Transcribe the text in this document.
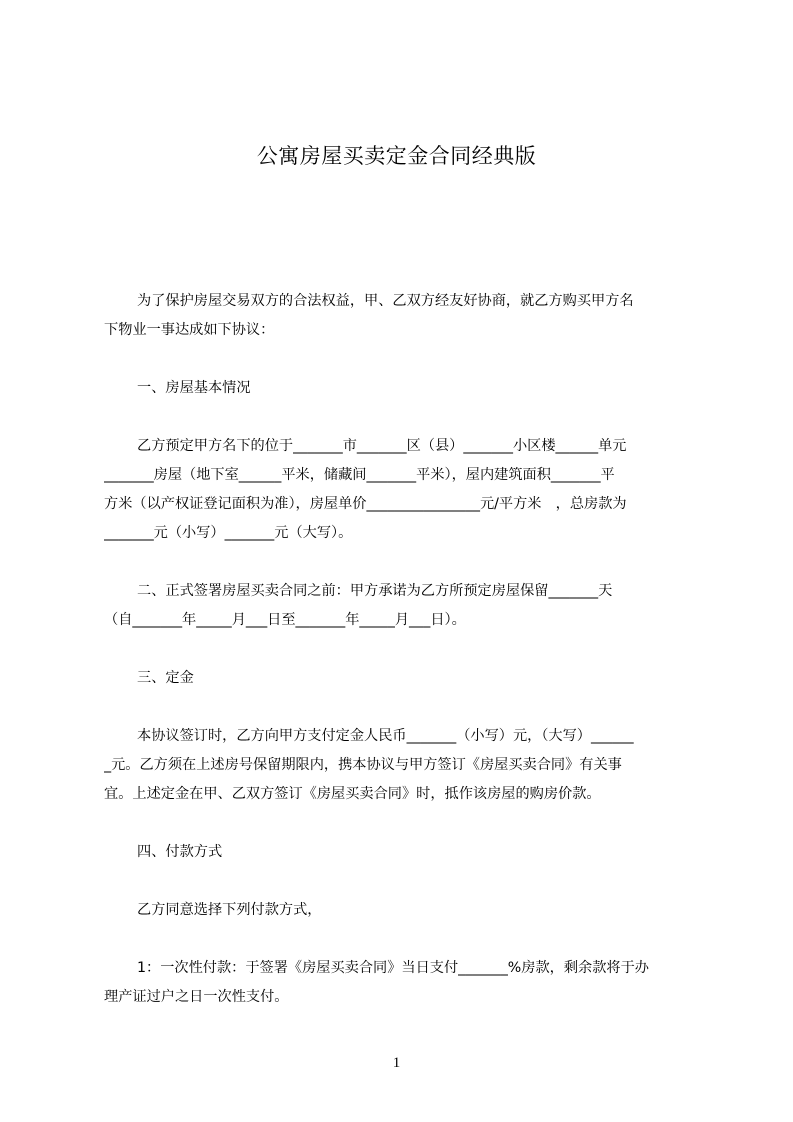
公寓房屋买卖定金合同经典版
为了保护房屋交易双方的合法权益，甲、乙双方经友好协商，就乙方购买甲方名
下物业一事达成如下协议：
一、房屋基本情况
乙方预定甲方名下的位于_______市_______区（县）_______小区楼______单元
_______房屋（地下室______平米，储藏间_______平米），屋内建筑面积_______平
方米（以产权证登记面积为准），房屋单价________________元/平方米　，总房款为
_______元（小写）_______元（大写）。
二、正式签署房屋买卖合同之前：甲方承诺为乙方所预定房屋保留_______天
（自_______年_____月___日至_______年_____月___日）。
三、定金
本协议签订时，乙方向甲方支付定金人民币_______（小写）元，（大写）______
_元。乙方须在上述房号保留期限内，携本协议与甲方签订《房屋买卖合同》有关事
宜。上述定金在甲、乙双方签订《房屋买卖合同》时，抵作该房屋的购房价款。
四、付款方式
乙方同意选择下列付款方式，
1：一次性付款：于签署《房屋买卖合同》当日支付_______%房款，剩余款将于办
理产证过户之日一次性支付。
1
